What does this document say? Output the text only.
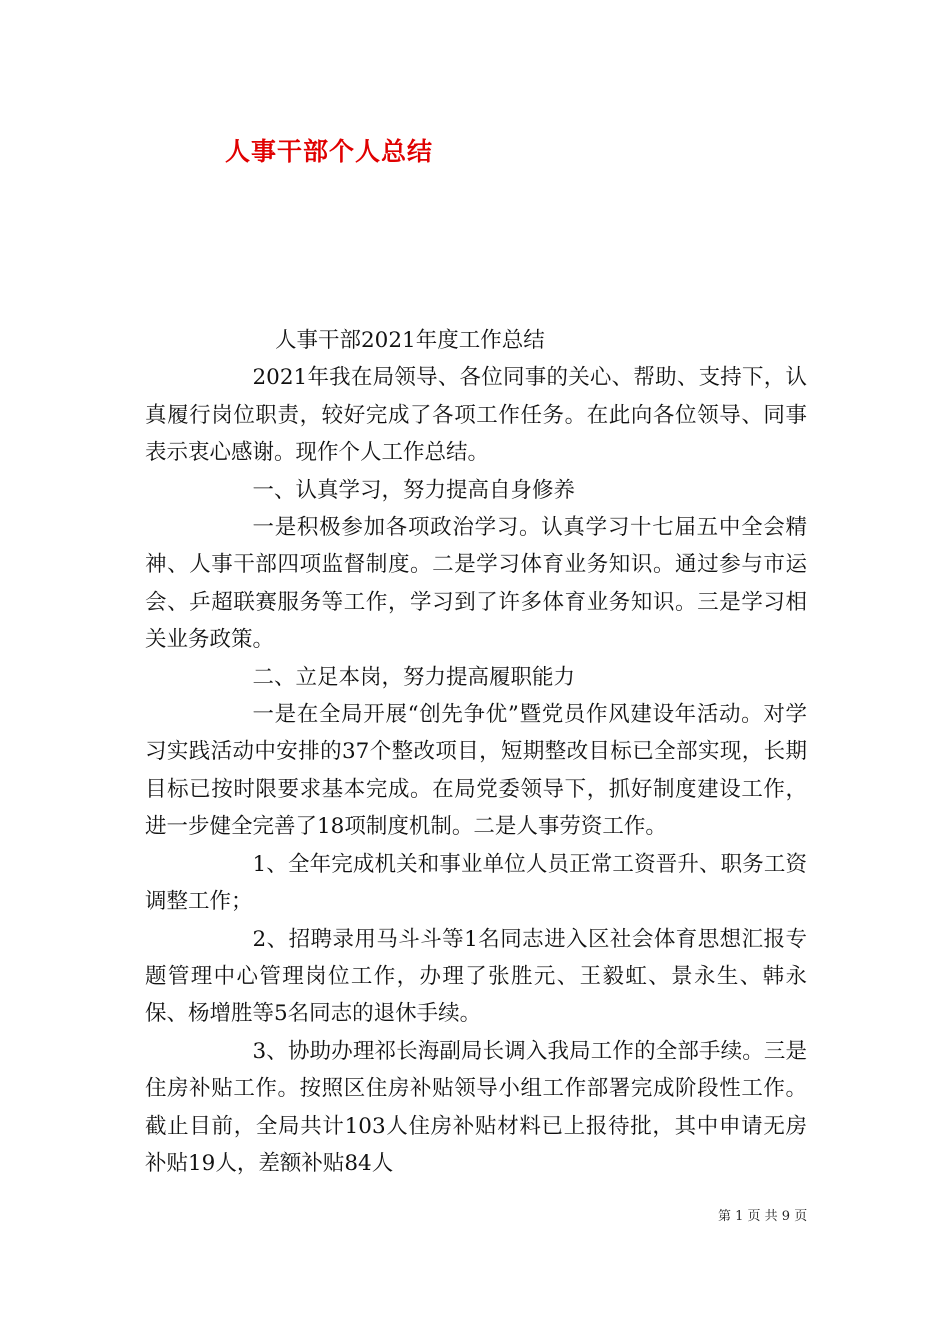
人事干部个人总结

人事干部2021年度工作总结

2021年我在局领导、各位同事的关心、帮助、支持下，认真履行岗位职责，较好完成了各项工作任务。在此向各位领导、同事表示衷心感谢。现作个人工作总结。

一、认真学习，努力提高自身修养

一是积极参加各项政治学习。认真学习十七届五中全会精神、人事干部四项监督制度。二是学习体育业务知识。通过参与市运会、乒超联赛服务等工作，学习到了许多体育业务知识。三是学习相关业务政策。

二、立足本岗，努力提高履职能力

一是在全局开展“创先争优”暨党员作风建设年活动。对学习实践活动中安排的37个整改项目，短期整改目标已全部实现，长期目标已按时限要求基本完成。在局党委领导下，抓好制度建设工作，进一步健全完善了18项制度机制。二是人事劳资工作。

1、全年完成机关和事业单位人员正常工资晋升、职务工资调整工作；

2、招聘录用马斗斗等1名同志进入区社会体育思想汇报专题管理中心管理岗位工作，办理了张胜元、王毅虹、景永生、韩永保、杨增胜等5名同志的退休手续。

3、协助办理祁长海副局长调入我局工作的全部手续。三是住房补贴工作。按照区住房补贴领导小组工作部署完成阶段性工作。截止目前，全局共计103人住房补贴材料已上报待批，其中申请无房补贴19人，差额补贴84人

第 1 页 共 9 页
